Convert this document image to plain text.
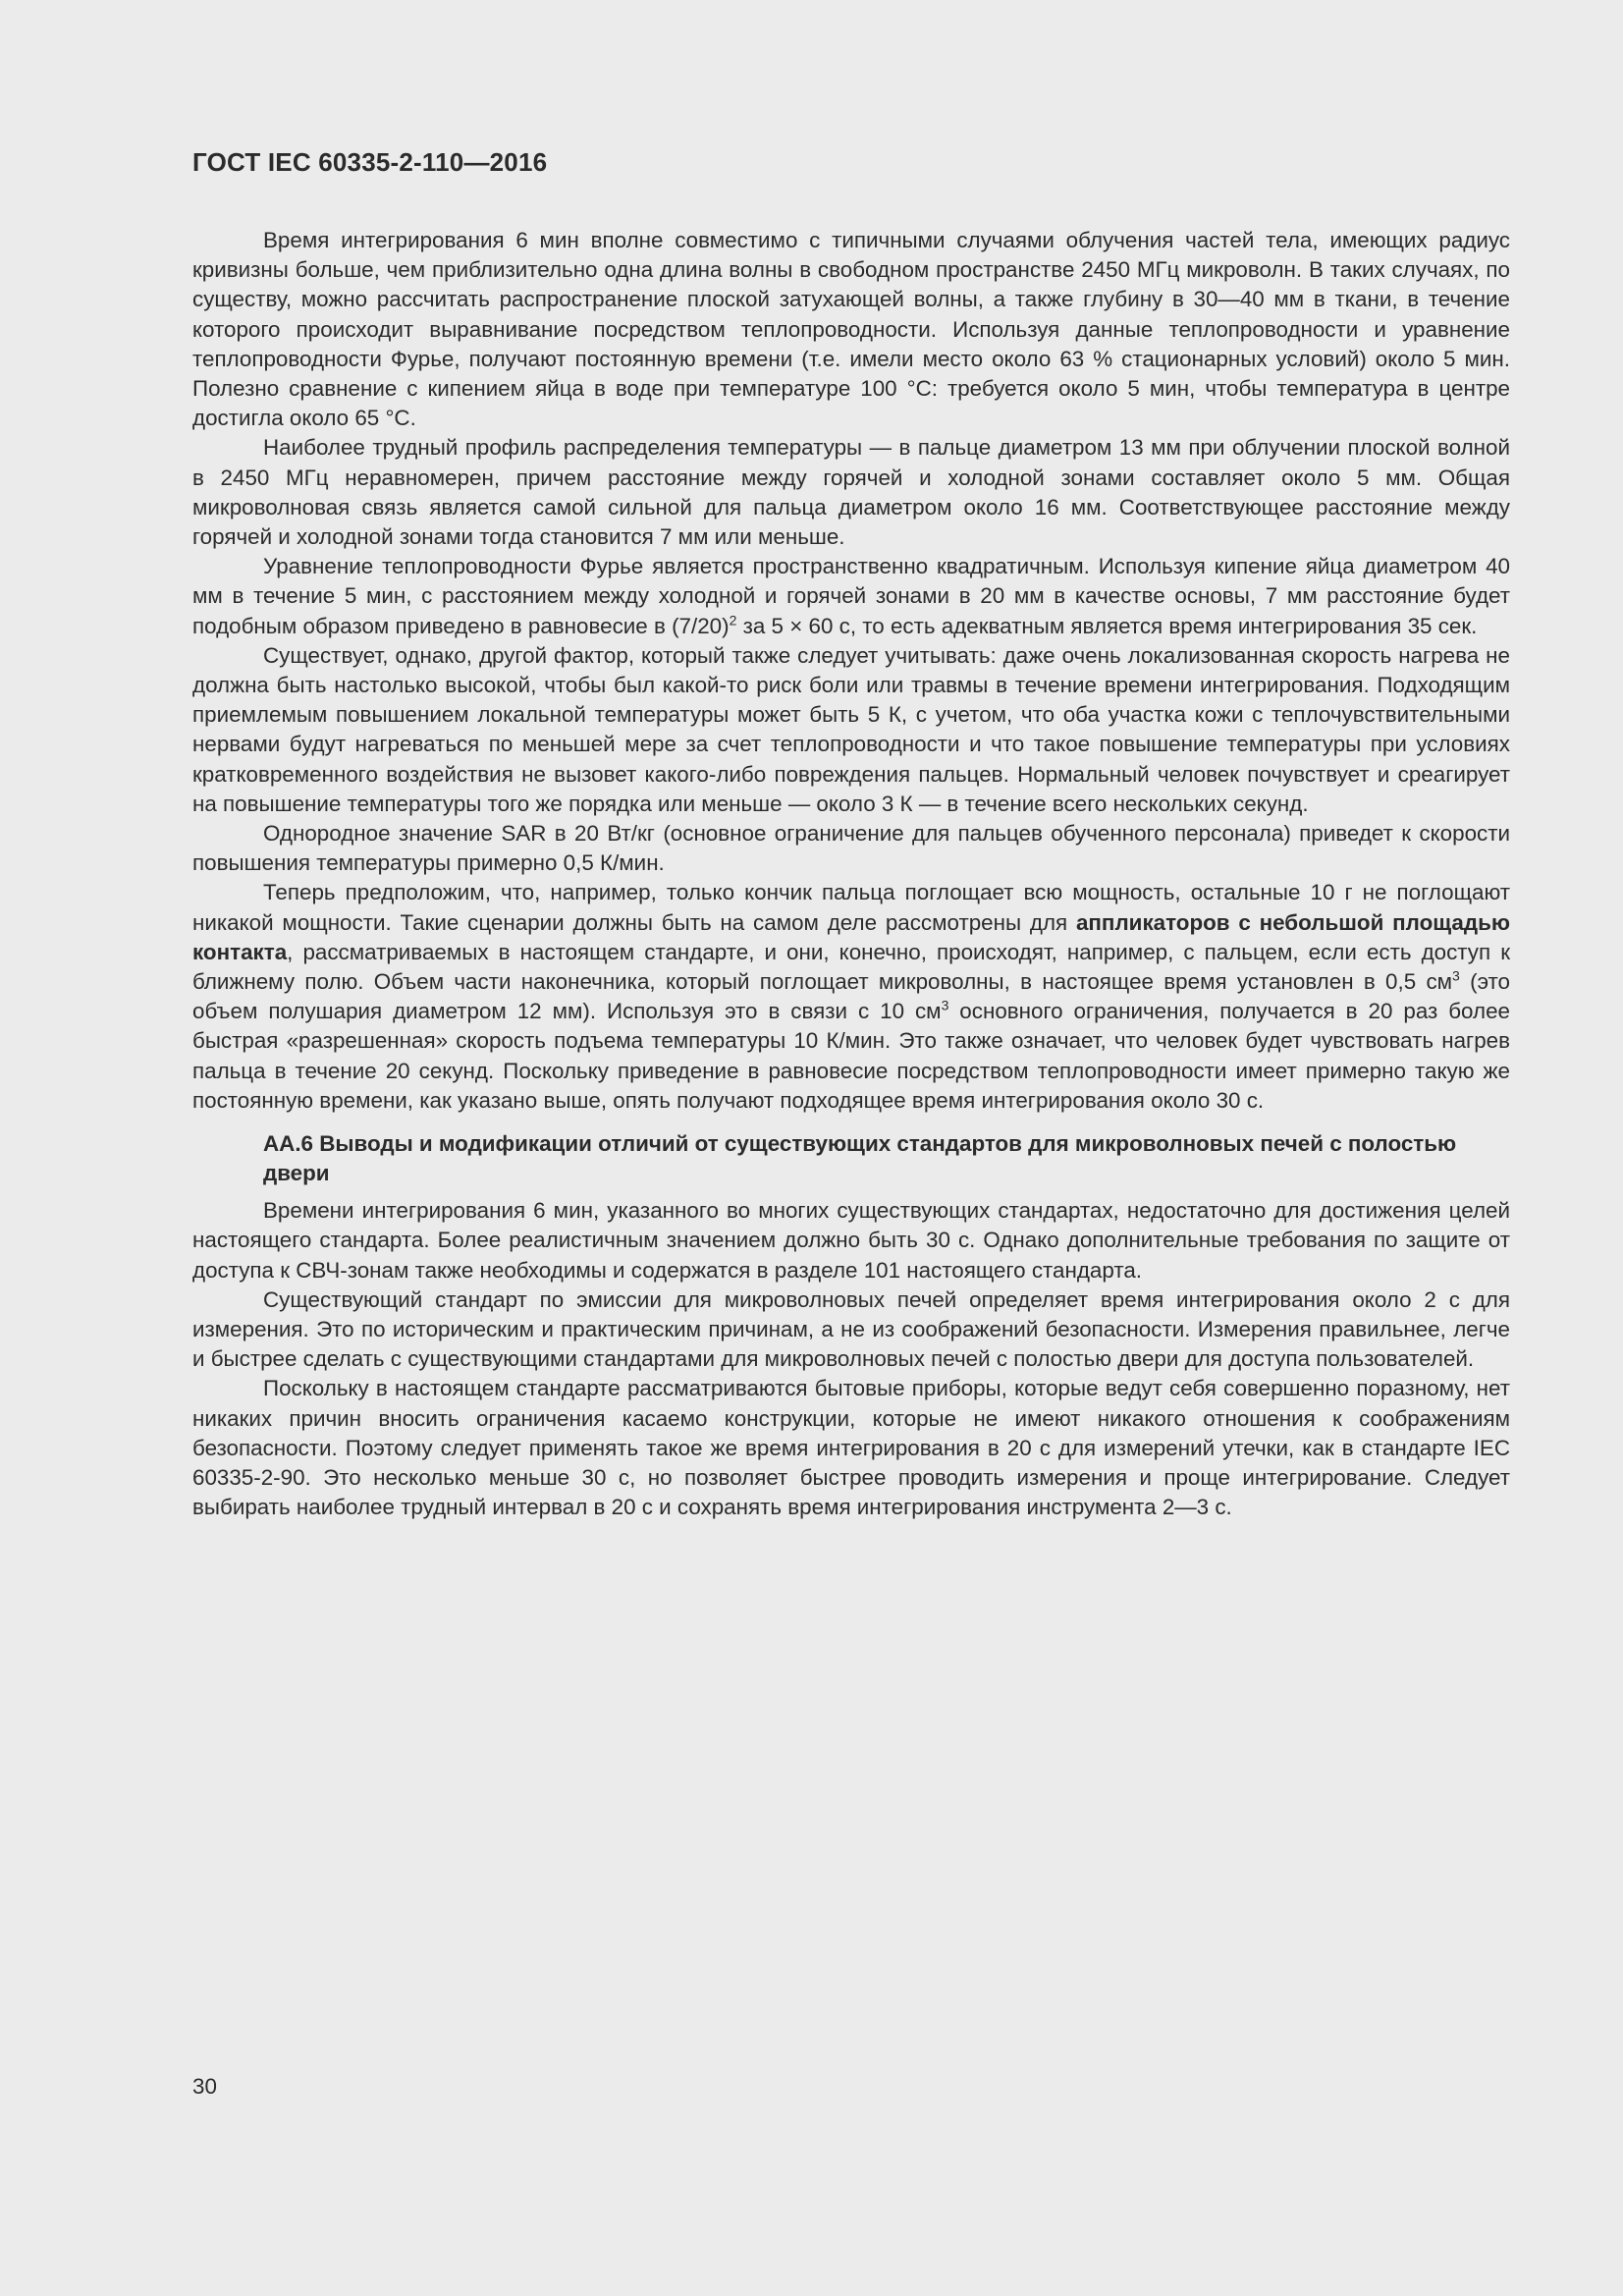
ГОСТ IEC 60335-2-110—2016

Время интегрирования 6 мин вполне совместимо с типичными случаями облучения частей тела, имеющих радиус кривизны больше, чем приблизительно одна длина волны в свободном пространстве 2450 МГц микроволн. В таких случаях, по существу, можно рассчитать распространение плоской затухающей волны, а также глубину в 30—40 мм в ткани, в течение которого происходит выравнивание посредством теплопроводности. Используя данные теплопроводности и уравнение теплопроводности Фурье, получают постоянную времени (т.е. имели место около 63 % стационарных условий) около 5 мин. Полезно сравнение с кипением яйца в воде при температуре 100 °С: требуется около 5 мин, чтобы температура в центре достигла около 65 °С.

Наиболее трудный профиль распределения температуры — в пальце диаметром 13 мм при облучении плоской волной в 2450 МГц неравномерен, причем расстояние между горячей и холодной зонами составляет около 5 мм. Общая микроволновая связь является самой сильной для пальца диаметром около 16 мм. Соответствующее расстояние между горячей и холодной зонами тогда становится 7 мм или меньше.

Уравнение теплопроводности Фурье является пространственно квадратичным. Используя кипение яйца диаметром 40 мм в течение 5 мин, с расстоянием между холодной и горячей зонами в 20 мм в качестве основы, 7 мм расстояние будет подобным образом приведено в равновесие в $(7/20)^2$ за 5 × 60 с, то есть адекватным является время интегрирования 35 сек.

Существует, однако, другой фактор, который также следует учитывать: даже очень локализованная скорость нагрева не должна быть настолько высокой, чтобы был какой-то риск боли или травмы в течение времени интегрирования. Подходящим приемлемым повышением локальной температуры может быть 5 К, с учетом, что оба участка кожи с теплочувствительными нервами будут нагреваться по меньшей мере за счет теплопроводности и что такое повышение температуры при условиях кратковременного воздействия не вызовет какого-либо повреждения пальцев. Нормальный человек почувствует и среагирует на повышение температуры того же порядка или меньше — около 3 К — в течение всего нескольких секунд.

Однородное значение SAR в 20 Вт/кг (основное ограничение для пальцев обученного персонала) приведет к скорости повышения температуры примерно 0,5 К/мин.

Теперь предположим, что, например, только кончик пальца поглощает всю мощность, остальные 10 г не поглощают никакой мощности. Такие сценарии должны быть на самом деле рассмотрены для аппликаторов с небольшой площадью контакта, рассматриваемых в настоящем стандарте, и они, конечно, происходят, например, с пальцем, если есть доступ к ближнему полю. Объем части наконечника, который поглощает микроволны, в настоящее время установлен в 0,5 $см^3$ (это объем полушария диаметром 12 мм). Используя это в связи с 10 $см^3$ основного ограничения, получается в 20 раз более быстрая «разрешенная» скорость подъема температуры 10 К/мин. Это также означает, что человек будет чувствовать нагрев пальца в течение 20 секунд. Поскольку приведение в равновесие посредством теплопроводности имеет примерно такую же постоянную времени, как указано выше, опять получают подходящее время интегрирования около 30 с.

АА.6 Выводы и модификации отличий от существующих стандартов для микроволновых печей с полостью двери

Времени интегрирования 6 мин, указанного во многих существующих стандартах, недостаточно для достижения целей настоящего стандарта. Более реалистичным значением должно быть 30 с. Однако дополнительные требования по защите от доступа к СВЧ-зонам также необходимы и содержатся в разделе 101 настоящего стандарта.

Существующий стандарт по эмиссии для микроволновых печей определяет время интегрирования около 2 с для измерения. Это по историческим и практическим причинам, а не из соображений безопасности. Измерения правильнее, легче и быстрее сделать с существующими стандартами для микроволновых печей с полостью двери для доступа пользователей.

Поскольку в настоящем стандарте рассматриваются бытовые приборы, которые ведут себя совершенно поразному, нет никаких причин вносить ограничения касаемо конструкции, которые не имеют никакого отношения к соображениям безопасности. Поэтому следует применять такое же время интегрирования в 20 с для измерений утечки, как в стандарте IEC 60335-2-90. Это несколько меньше 30 с, но позволяет быстрее проводить измерения и проще интегрирование. Следует выбирать наиболее трудный интервал в 20 с и сохранять время интегрирования инструмента 2—3 с.

30
